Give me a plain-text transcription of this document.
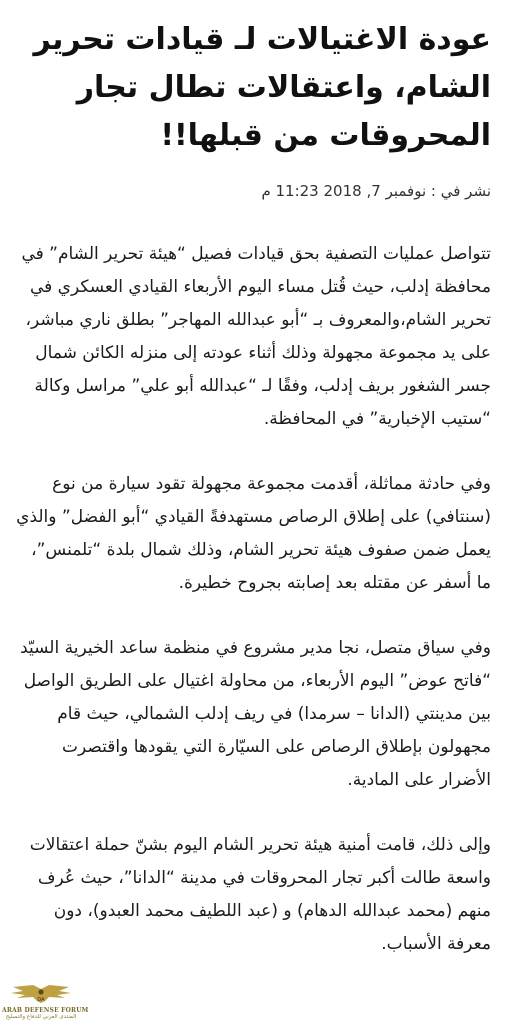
عودة الاغتيالات لـ قيادات تحرير الشام، واعتقالات تطال تجار المحروقات من قبلها!!
نشر في : نوفمبر 7, 2018 11:23 م

تتواصل عمليات التصفية بحق قيادات فصيل “هيئة تحرير الشام” في محافظة إدلب، حيث قُتل مساء اليوم الأربعاء القيادي العسكري في تحرير الشام،والمعروف بـ “أبو عبدالله المهاجر” بطلق ناري مباشر، على يد مجموعة مجهولة وذلك أثناء عودته إلى منزله الكائن شمال جسر الشغور بريف إدلب، وفقًا لـ “عبدالله أبو علي” مراسل وكالة “ستيب الإخبارية” في المحافظة.

وفي حادثة مماثلة، أقدمت مجموعة مجهولة تقود سيارة من نوع (سنتافي) على إطلاق الرصاص مستهدفةً القيادي “أبو الفضل” والذي يعمل ضمن صفوف هيئة تحرير الشام، وذلك شمال بلدة “تلمنس”، ما أسفر عن مقتله بعد إصابته بجروح خطيرة.

وفي سياق متصل، نجا مدير مشروع في منظمة ساعد الخيرية السيّد “فاتح عوض” اليوم الأربعاء، من محاولة اغتيال على الطريق الواصل بين مدينتي (الدانا – سرمدا) في ريف إدلب الشمالي، حيث قام مجهولون بإطلاق الرصاص على السيّارة التي يقودها واقتصرت الأضرار على المادية.

وإلى ذلك، قامت أمنية هيئة تحرير الشام اليوم بشنّ حملة اعتقالات واسعة طالت أكبر تجار المحروقات في مدينة “الدانا”، حيث عُرف منهم (محمد عبدالله الدهام) و (عبد اللطيف محمد العبدو)، دون معرفة الأسباب.

DA
ARAB DEFENSE FORUM
المنتدى العربي للدفاع والتسليح
